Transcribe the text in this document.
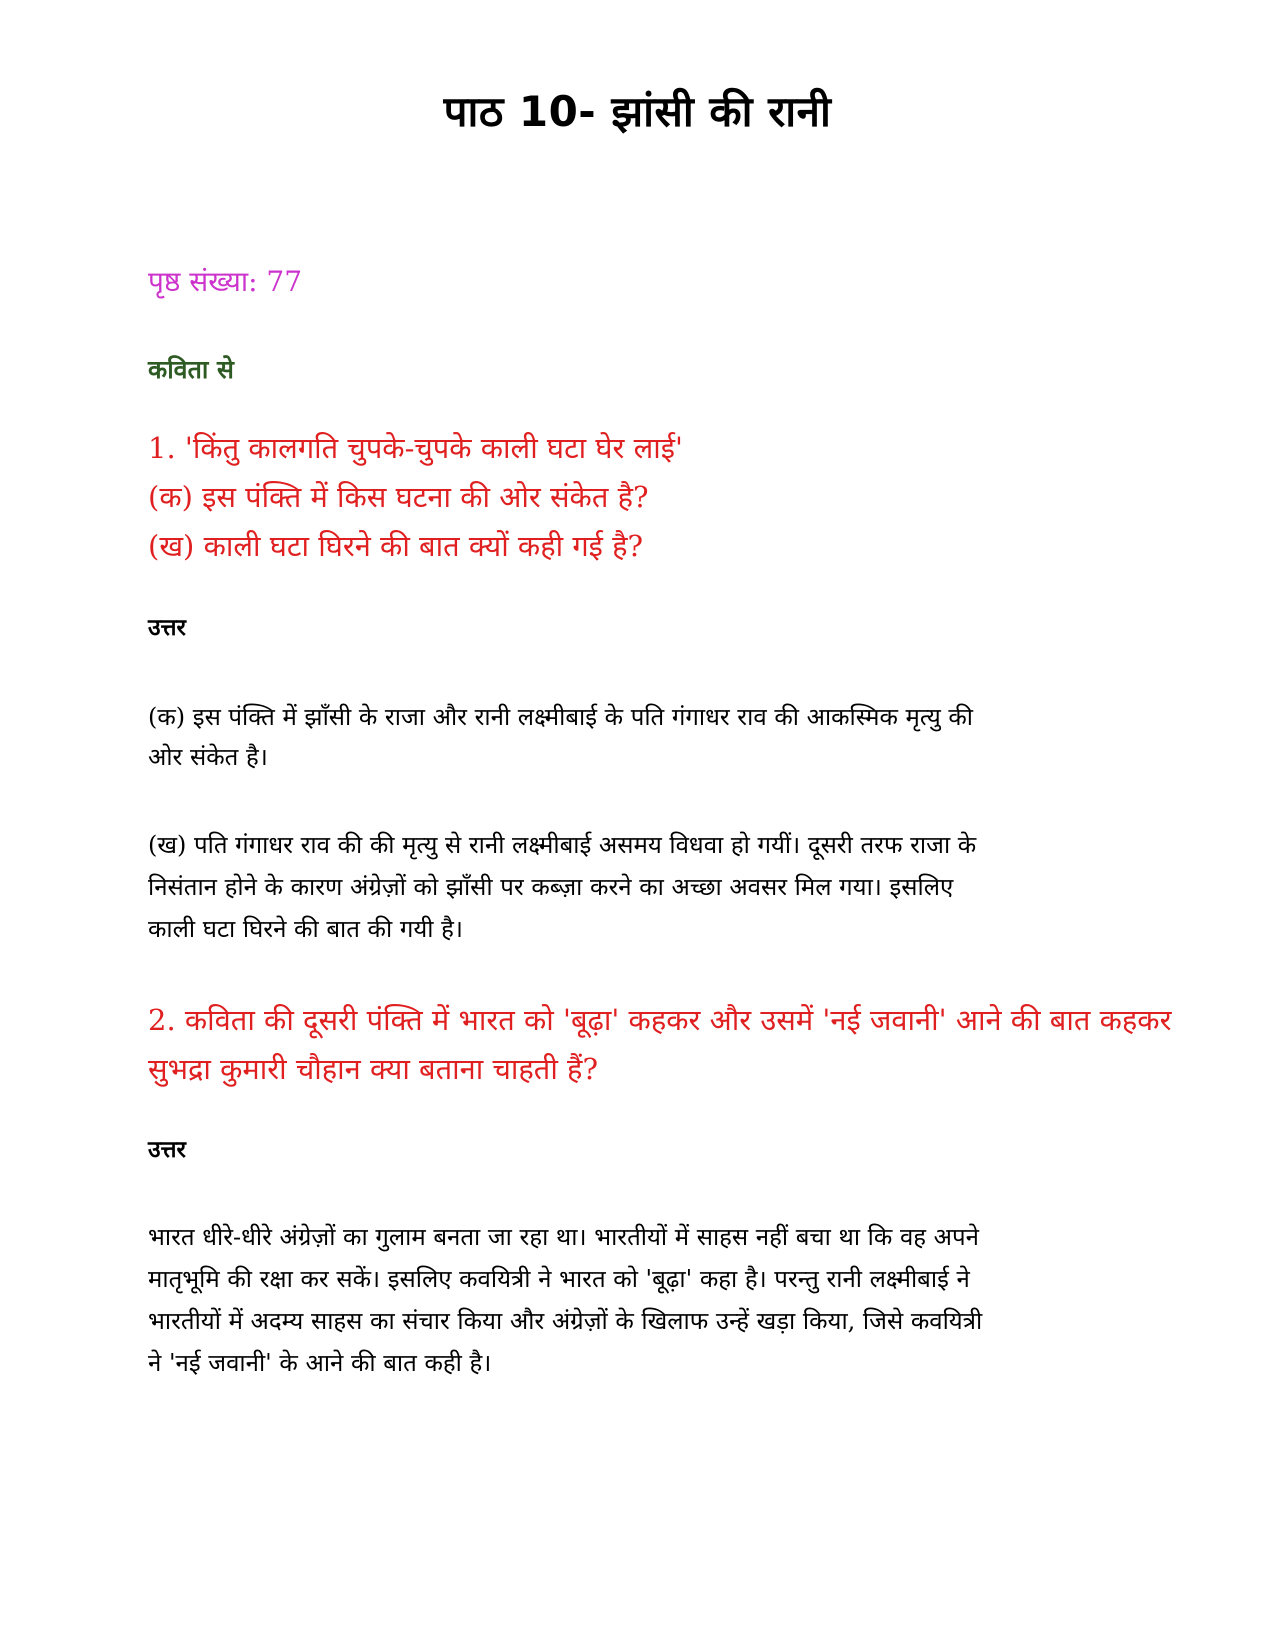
पाठ 10- झांसी की रानी
पृष्ठ संख्या: 77
कविता से
1. 'किंतु कालगति चुपके-चुपके काली घटा घेर लाई'
(क) इस पंक्ति में किस घटना की ओर संकेत है?
(ख) काली घटा घिरने की बात क्यों कही गई है?
उत्तर
(क) इस पंक्ति में झाँसी के राजा और रानी लक्ष्मीबाई के पति गंगाधर राव की आकस्मिक मृत्यु की
ओर संकेत है।
(ख) पति गंगाधर राव की की मृत्यु से रानी लक्ष्मीबाई असमय विधवा हो गयीं। दूसरी तरफ राजा के
निसंतान होने के कारण अंग्रेज़ों को झाँसी पर कब्ज़ा करने का अच्छा अवसर मिल गया। इसलिए
काली घटा घिरने की बात की गयी है।
2. कविता की दूसरी पंक्ति में भारत को 'बूढ़ा' कहकर और उसमें 'नई जवानी' आने की बात कहकर
सुभद्रा कुमारी चौहान क्या बताना चाहती हैं?
उत्तर
भारत धीरे-धीरे अंग्रेज़ों का गुलाम बनता जा रहा था। भारतीयों में साहस नहीं बचा था कि वह अपने
मातृभूमि की रक्षा कर सकें। इसलिए कवयित्री ने भारत को 'बूढ़ा' कहा है। परन्तु रानी लक्ष्मीबाई ने
भारतीयों में अदम्य साहस का संचार किया और अंग्रेज़ों के खिलाफ उन्हें खड़ा किया, जिसे कवयित्री
ने 'नई जवानी' के आने की बात कही है।
